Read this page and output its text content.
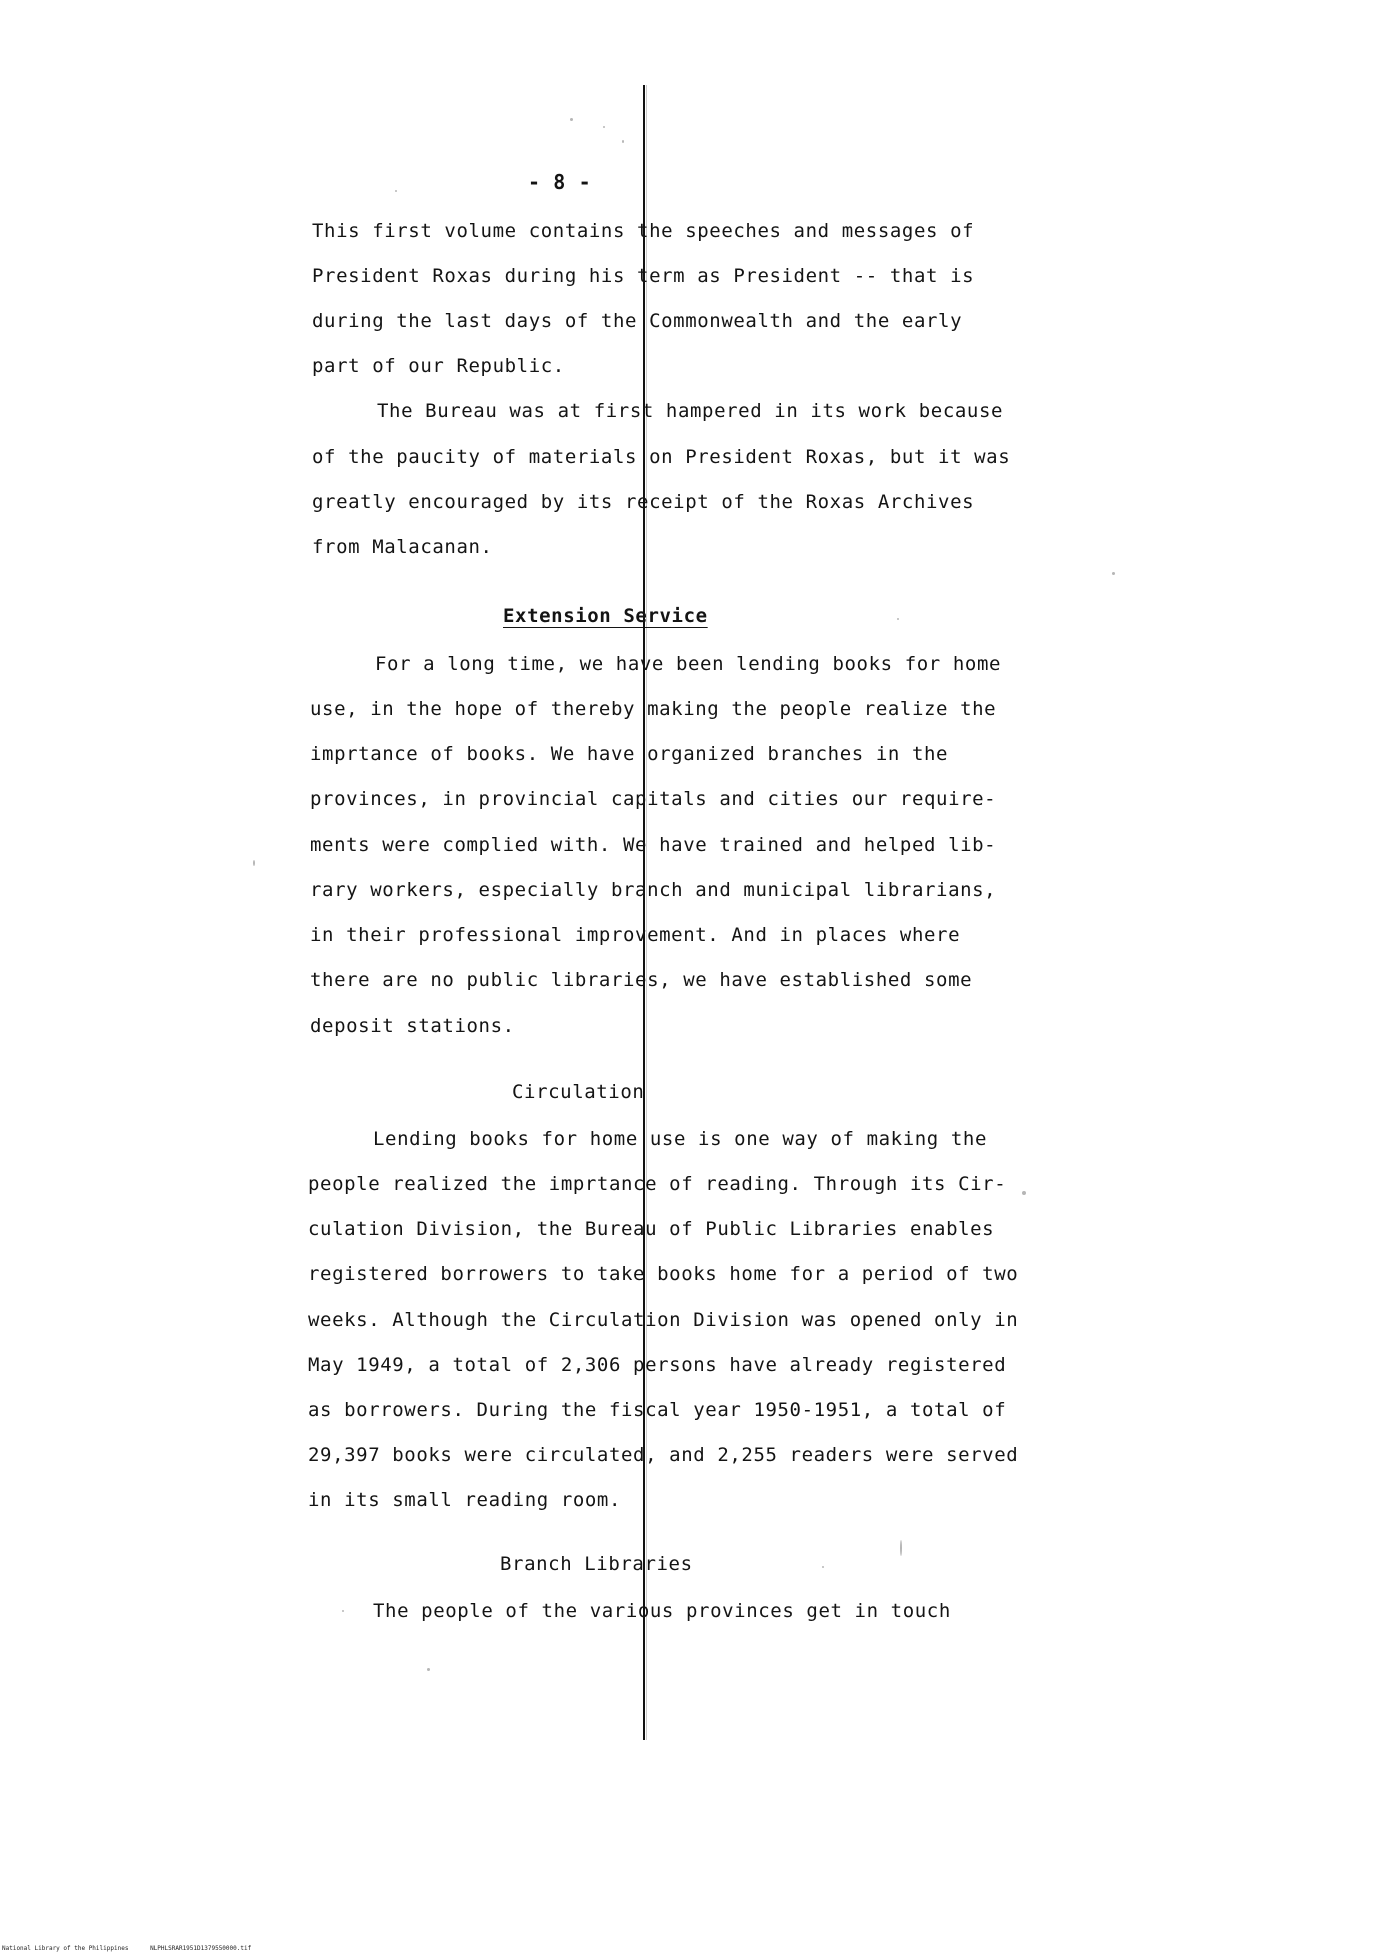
- 8 -
This first volume contains the speeches and messages of
President Roxas during his term as President -- that is
during the last days of the Commonwealth and the early
part of our Republic.
The Bureau was at first hampered in its work because
of the paucity of materials on President Roxas, but it was
greatly encouraged by its receipt of the Roxas Archives
from Malacanan.
Extension Service
For a long time, we have been lending books for home
use, in the hope of thereby making the people realize the
imprtance of books. We have organized branches in the
provinces, in provincial capitals and cities our require-
ments were complied with. We have trained and helped lib-
rary workers, especially branch and municipal librarians,
in their professional improvement. And in places where
there are no public libraries, we have established some
deposit stations.
Circulation
Lending books for home use is one way of making the
people realized the imprtance of reading. Through its Cir-
culation Division, the Bureau of Public Libraries enables
registered borrowers to take books home for a period of two
weeks. Although the Circulation Division was opened only in
May 1949, a total of 2,306 persons have already registered
as borrowers. During the fiscal year 1950-1951, a total of
29,397 books were circulated, and 2,255 readers were served
in its small reading room.
Branch Libraries
The people of the various provinces get in touch
National Library of the Philippines	NLPHLSRAR1951D1379550000.tif
